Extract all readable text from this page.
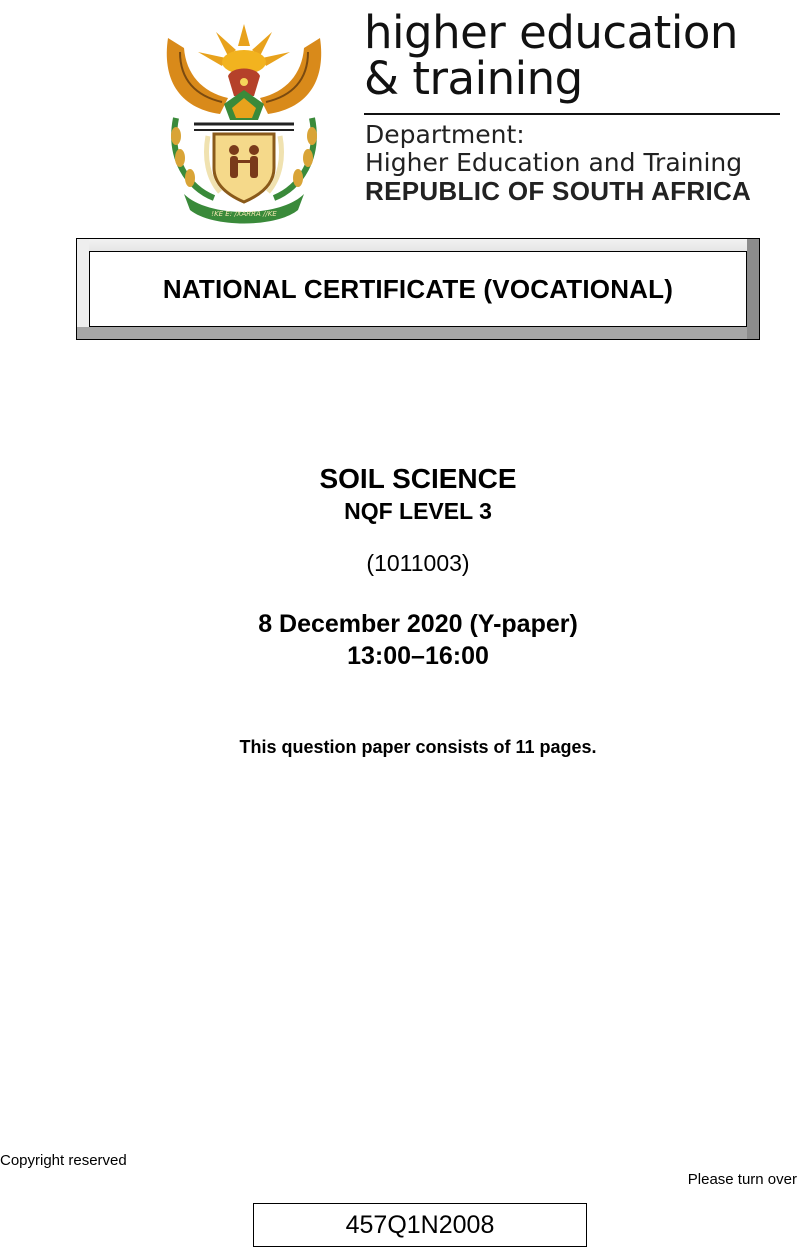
!KE E: /XARRA //KE
higher education
& training
Department:
Higher Education and Training
REPUBLIC OF SOUTH AFRICA
NATIONAL CERTIFICATE (VOCATIONAL)
SOIL SCIENCE
NQF LEVEL 3
(1011003)
8 December 2020 (Y-paper)
13:00–16:00
This question paper consists of 11 pages.
Copyright reserved
Please turn over
457Q1N2008
